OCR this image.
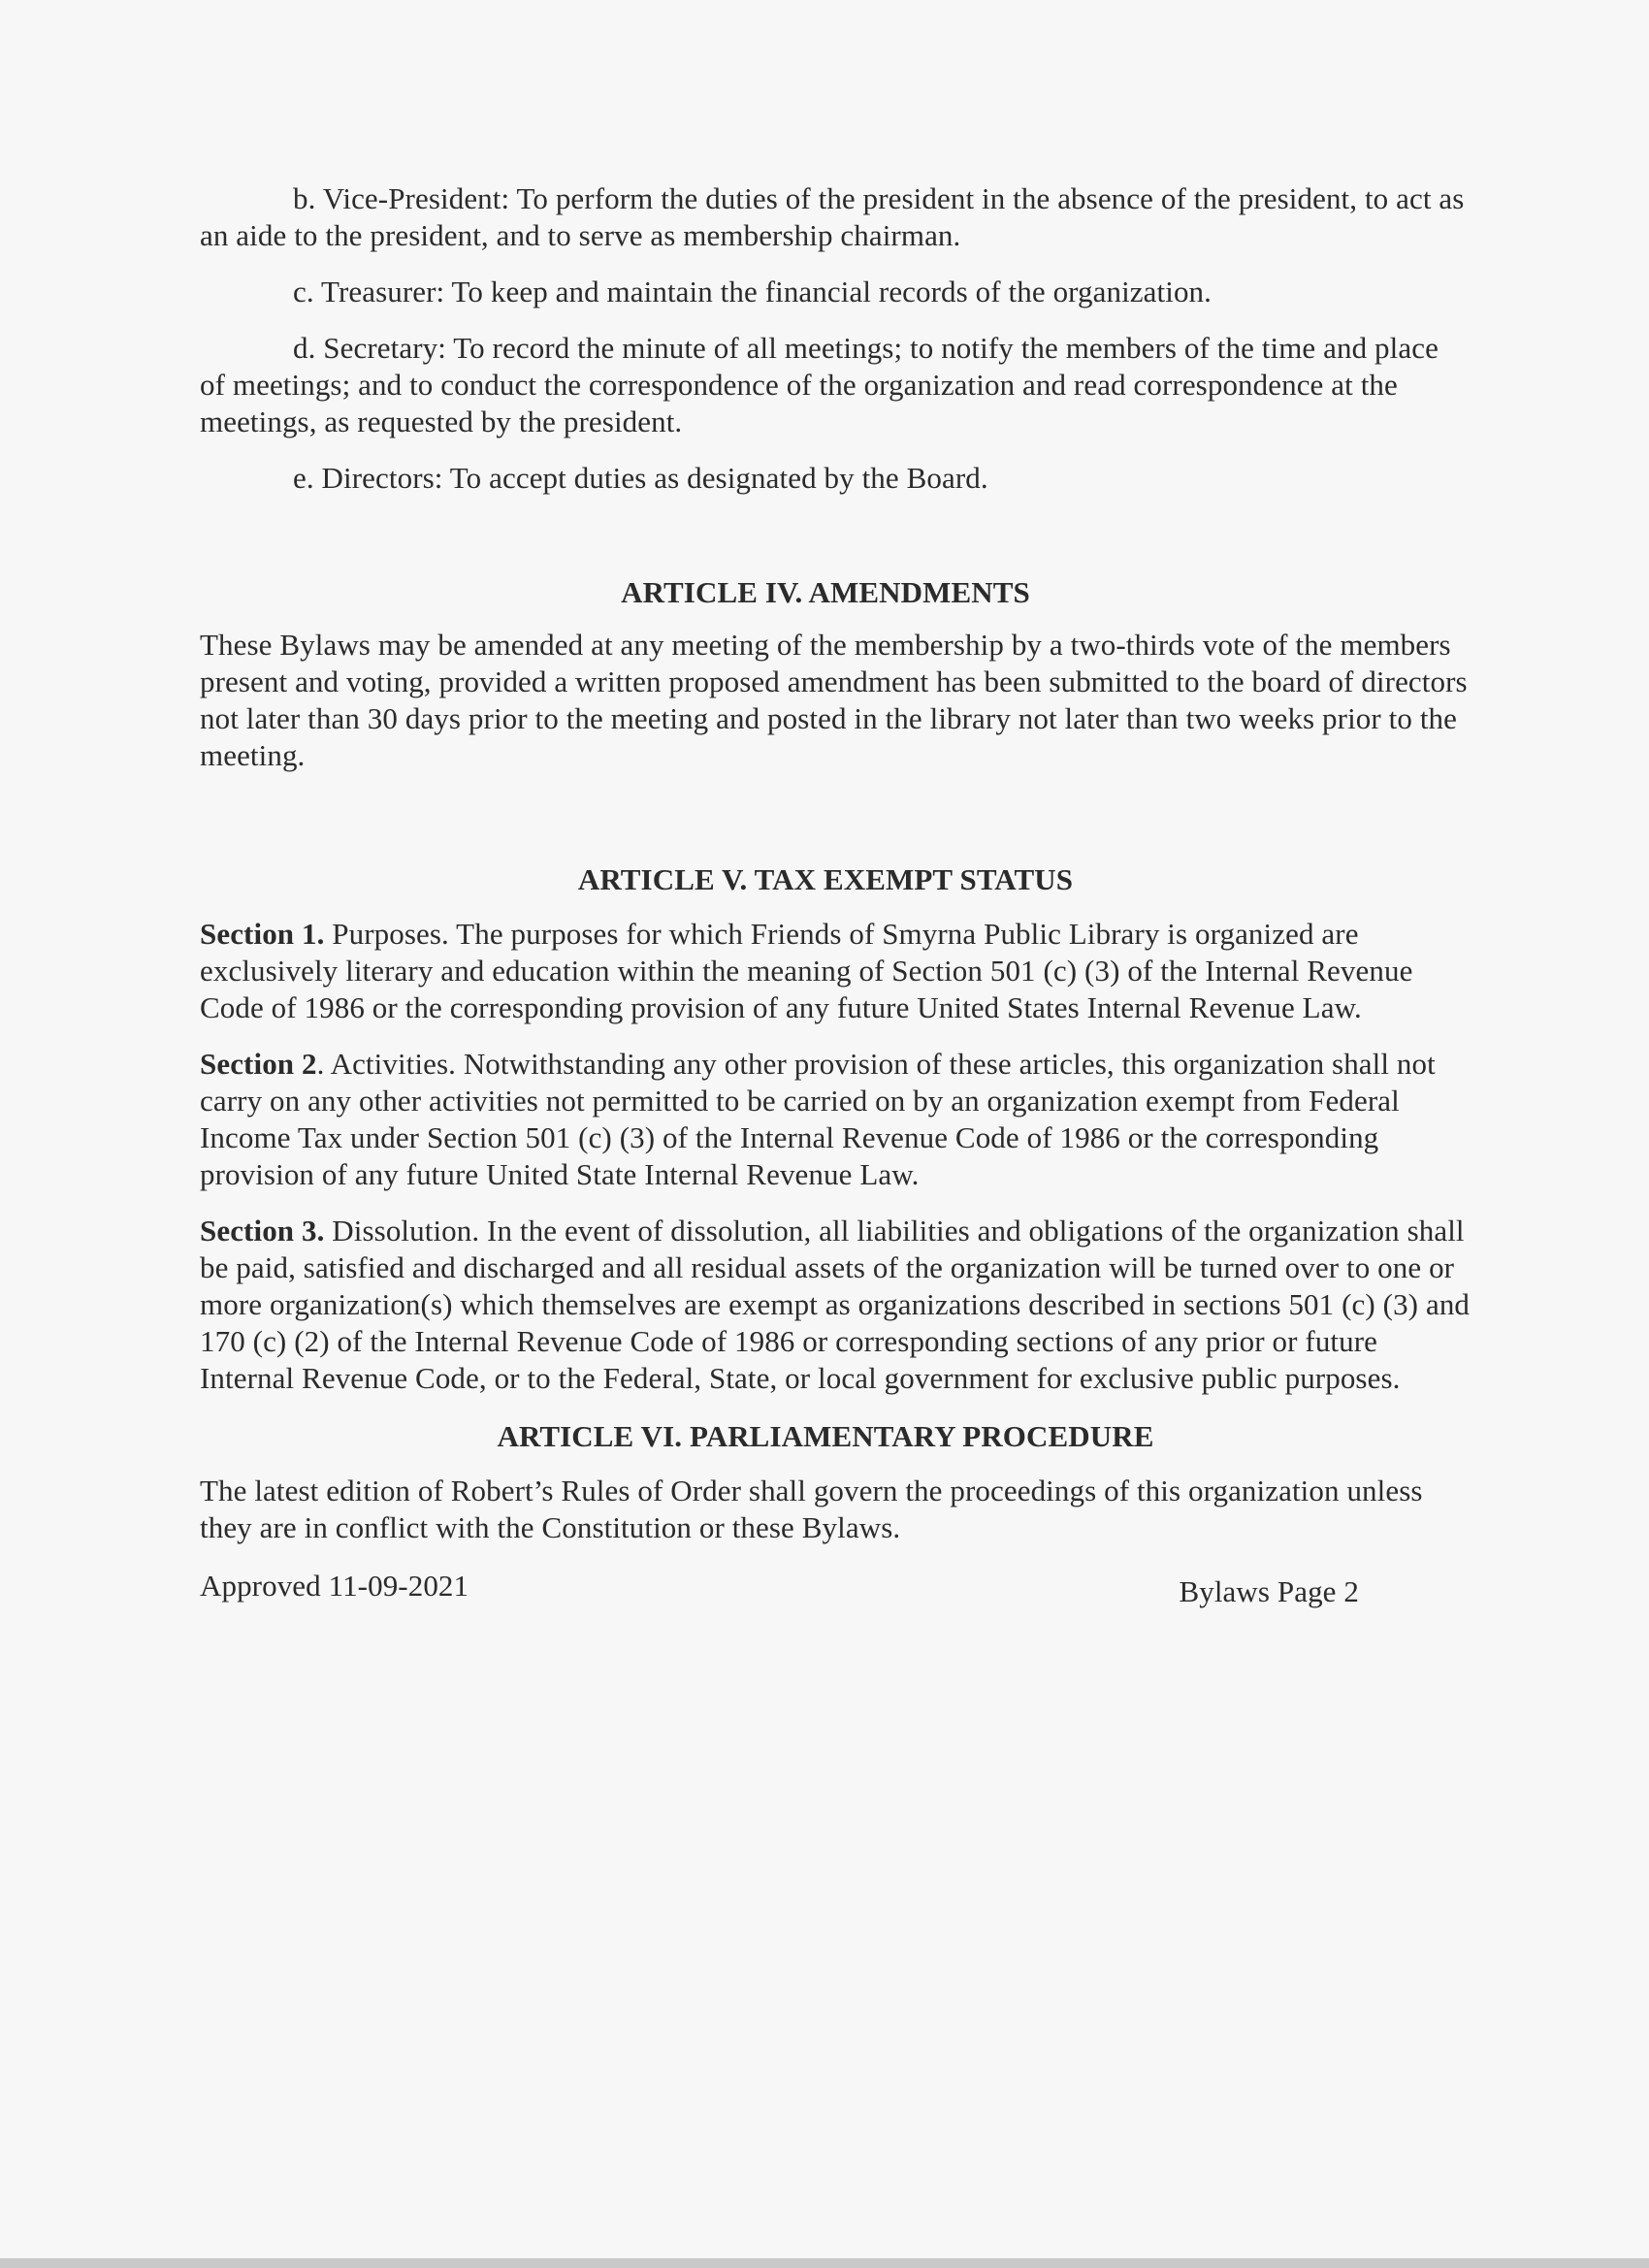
b. Vice-President: To perform the duties of the president in the absence of the president, to act as an aide to the president, and to serve as membership chairman.

c. Treasurer: To keep and maintain the financial records of the organization.

d. Secretary: To record the minute of all meetings; to notify the members of the time and place of meetings; and to conduct the correspondence of the organization and read correspondence at the meetings, as requested by the president.

e. Directors: To accept duties as designated by the Board.

ARTICLE IV. AMENDMENTS

These Bylaws may be amended at any meeting of the membership by a two-thirds vote of the members present and voting, provided a written proposed amendment has been submitted to the board of directors not later than 30 days prior to the meeting and posted in the library not later than two weeks prior to the meeting.

ARTICLE V. TAX EXEMPT STATUS

Section 1. Purposes. The purposes for which Friends of Smyrna Public Library is organized are exclusively literary and education within the meaning of Section 501 (c) (3) of the Internal Revenue Code of 1986 or the corresponding provision of any future United States Internal Revenue Law.

Section 2. Activities. Notwithstanding any other provision of these articles, this organization shall not carry on any other activities not permitted to be carried on by an organization exempt from Federal Income Tax under Section 501 (c) (3) of the Internal Revenue Code of 1986 or the corresponding provision of any future United State Internal Revenue Law.

Section 3. Dissolution. In the event of dissolution, all liabilities and obligations of the organization shall be paid, satisfied and discharged and all residual assets of the organization will be turned over to one or more organization(s) which themselves are exempt as organizations described in sections 501 (c) (3) and 170 (c) (2) of the Internal Revenue Code of 1986 or corresponding sections of any prior or future Internal Revenue Code, or to the Federal, State, or local government for exclusive public purposes.

ARTICLE VI. PARLIAMENTARY PROCEDURE

The latest edition of Robert’s Rules of Order shall govern the proceedings of this organization unless they are in conflict with the Constitution or these Bylaws.

Approved 11-09-2021	Bylaws Page 2
